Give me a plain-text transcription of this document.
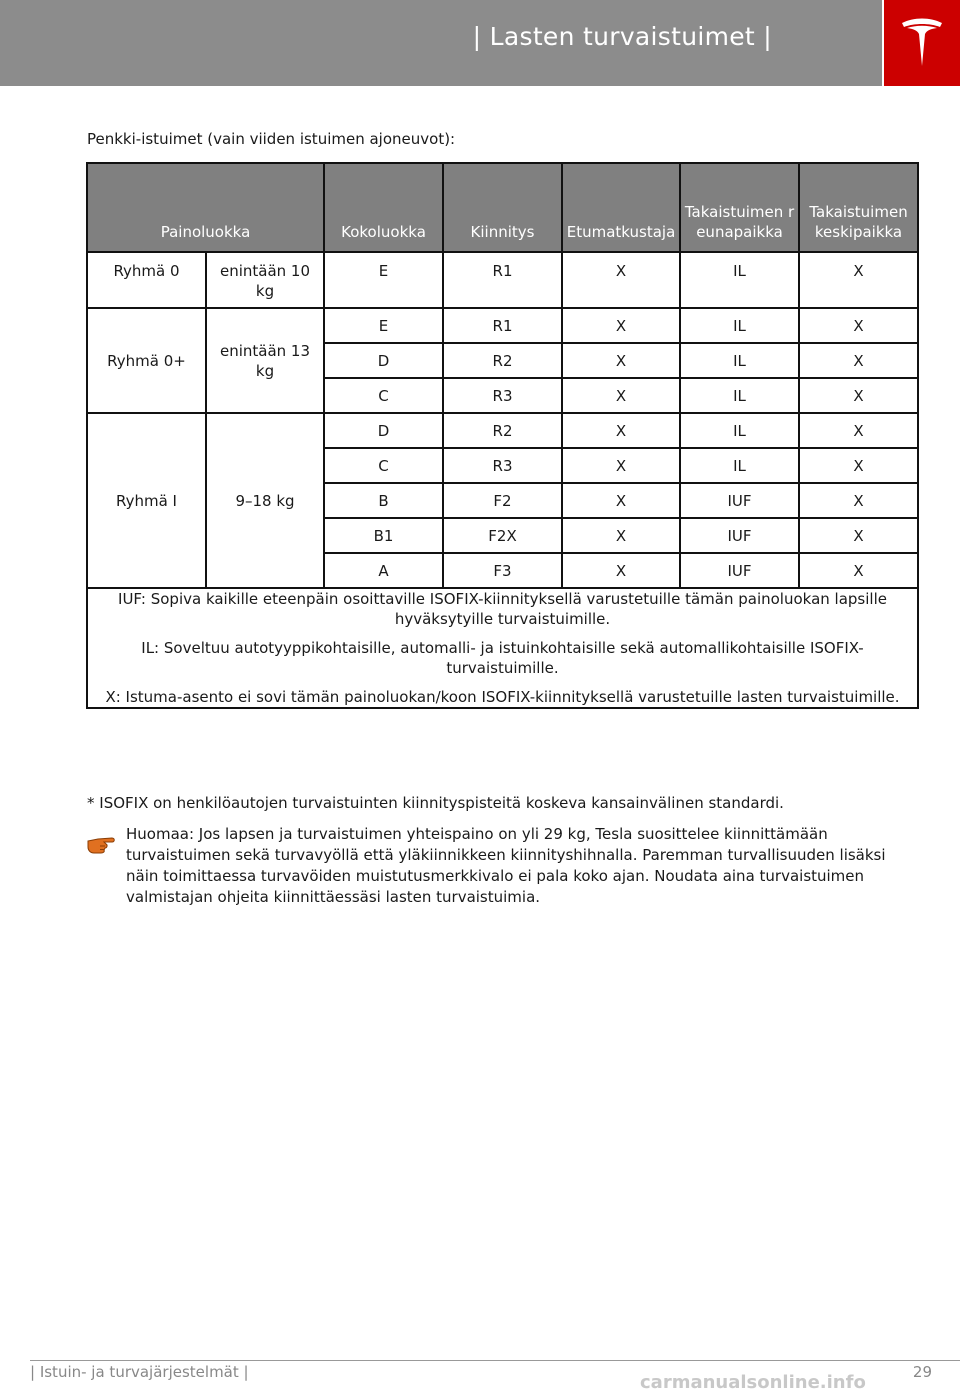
| Lasten turvaistuimet |
Penkki-istuimet (vain viiden istuimen ajoneuvot):
Painoluokka		Kokoluokka	Kiinnitys	Etumatkustaja	Takaistuimen reunapaikka	Takaistuimen keskipaikka
Ryhmä 0	enintään 10 kg	E	R1	X	IL	X
Ryhmä 0+	enintään 13 kg	E	R1	X	IL	X
		D	R2	X	IL	X
		C	R3	X	IL	X
Ryhmä I	9–18 kg	D	R2	X	IL	X
		C	R3	X	IL	X
		B	F2	X	IUF	X
		B1	F2X	X	IUF	X
		A	F3	X	IUF	X

IUF: Sopiva kaikille eteenpäin osoittaville ISOFIX-kiinnityksellä varustetuille tämän painoluokan lapsille hyväksytyille turvaistuimille.

IL: Soveltuu autotyyppikohtaisille, automalli- ja istuinkohtaisille sekä automallikohtaisille ISOFIX-turvaistuimille.

X: Istuma-asento ei sovi tämän painoluokan/koon ISOFIX-kiinnityksellä varustetuille lasten turvaistuimille.						

* ISOFIX on henkilöautojen turvaistuinten kiinnityspisteitä koskeva kansainvälinen standardi.
Huomaa: Jos lapsen ja turvaistuimen yhteispaino on yli 29 kg, Tesla suosittelee kiinnittämään turvaistuimen sekä turvavyöllä että yläkiinnikkeen kiinnityshihnalla. Paremman turvallisuuden lisäksi näin toimittaessa turvavöiden muistutusmerkkivalo ei pala koko ajan. Noudata aina turvaistuimen valmistajan ohjeita kiinnittäessäsi lasten turvaistuimia.
| Istuin- ja turvajärjestelmät |	29
carmanualsonline.info
